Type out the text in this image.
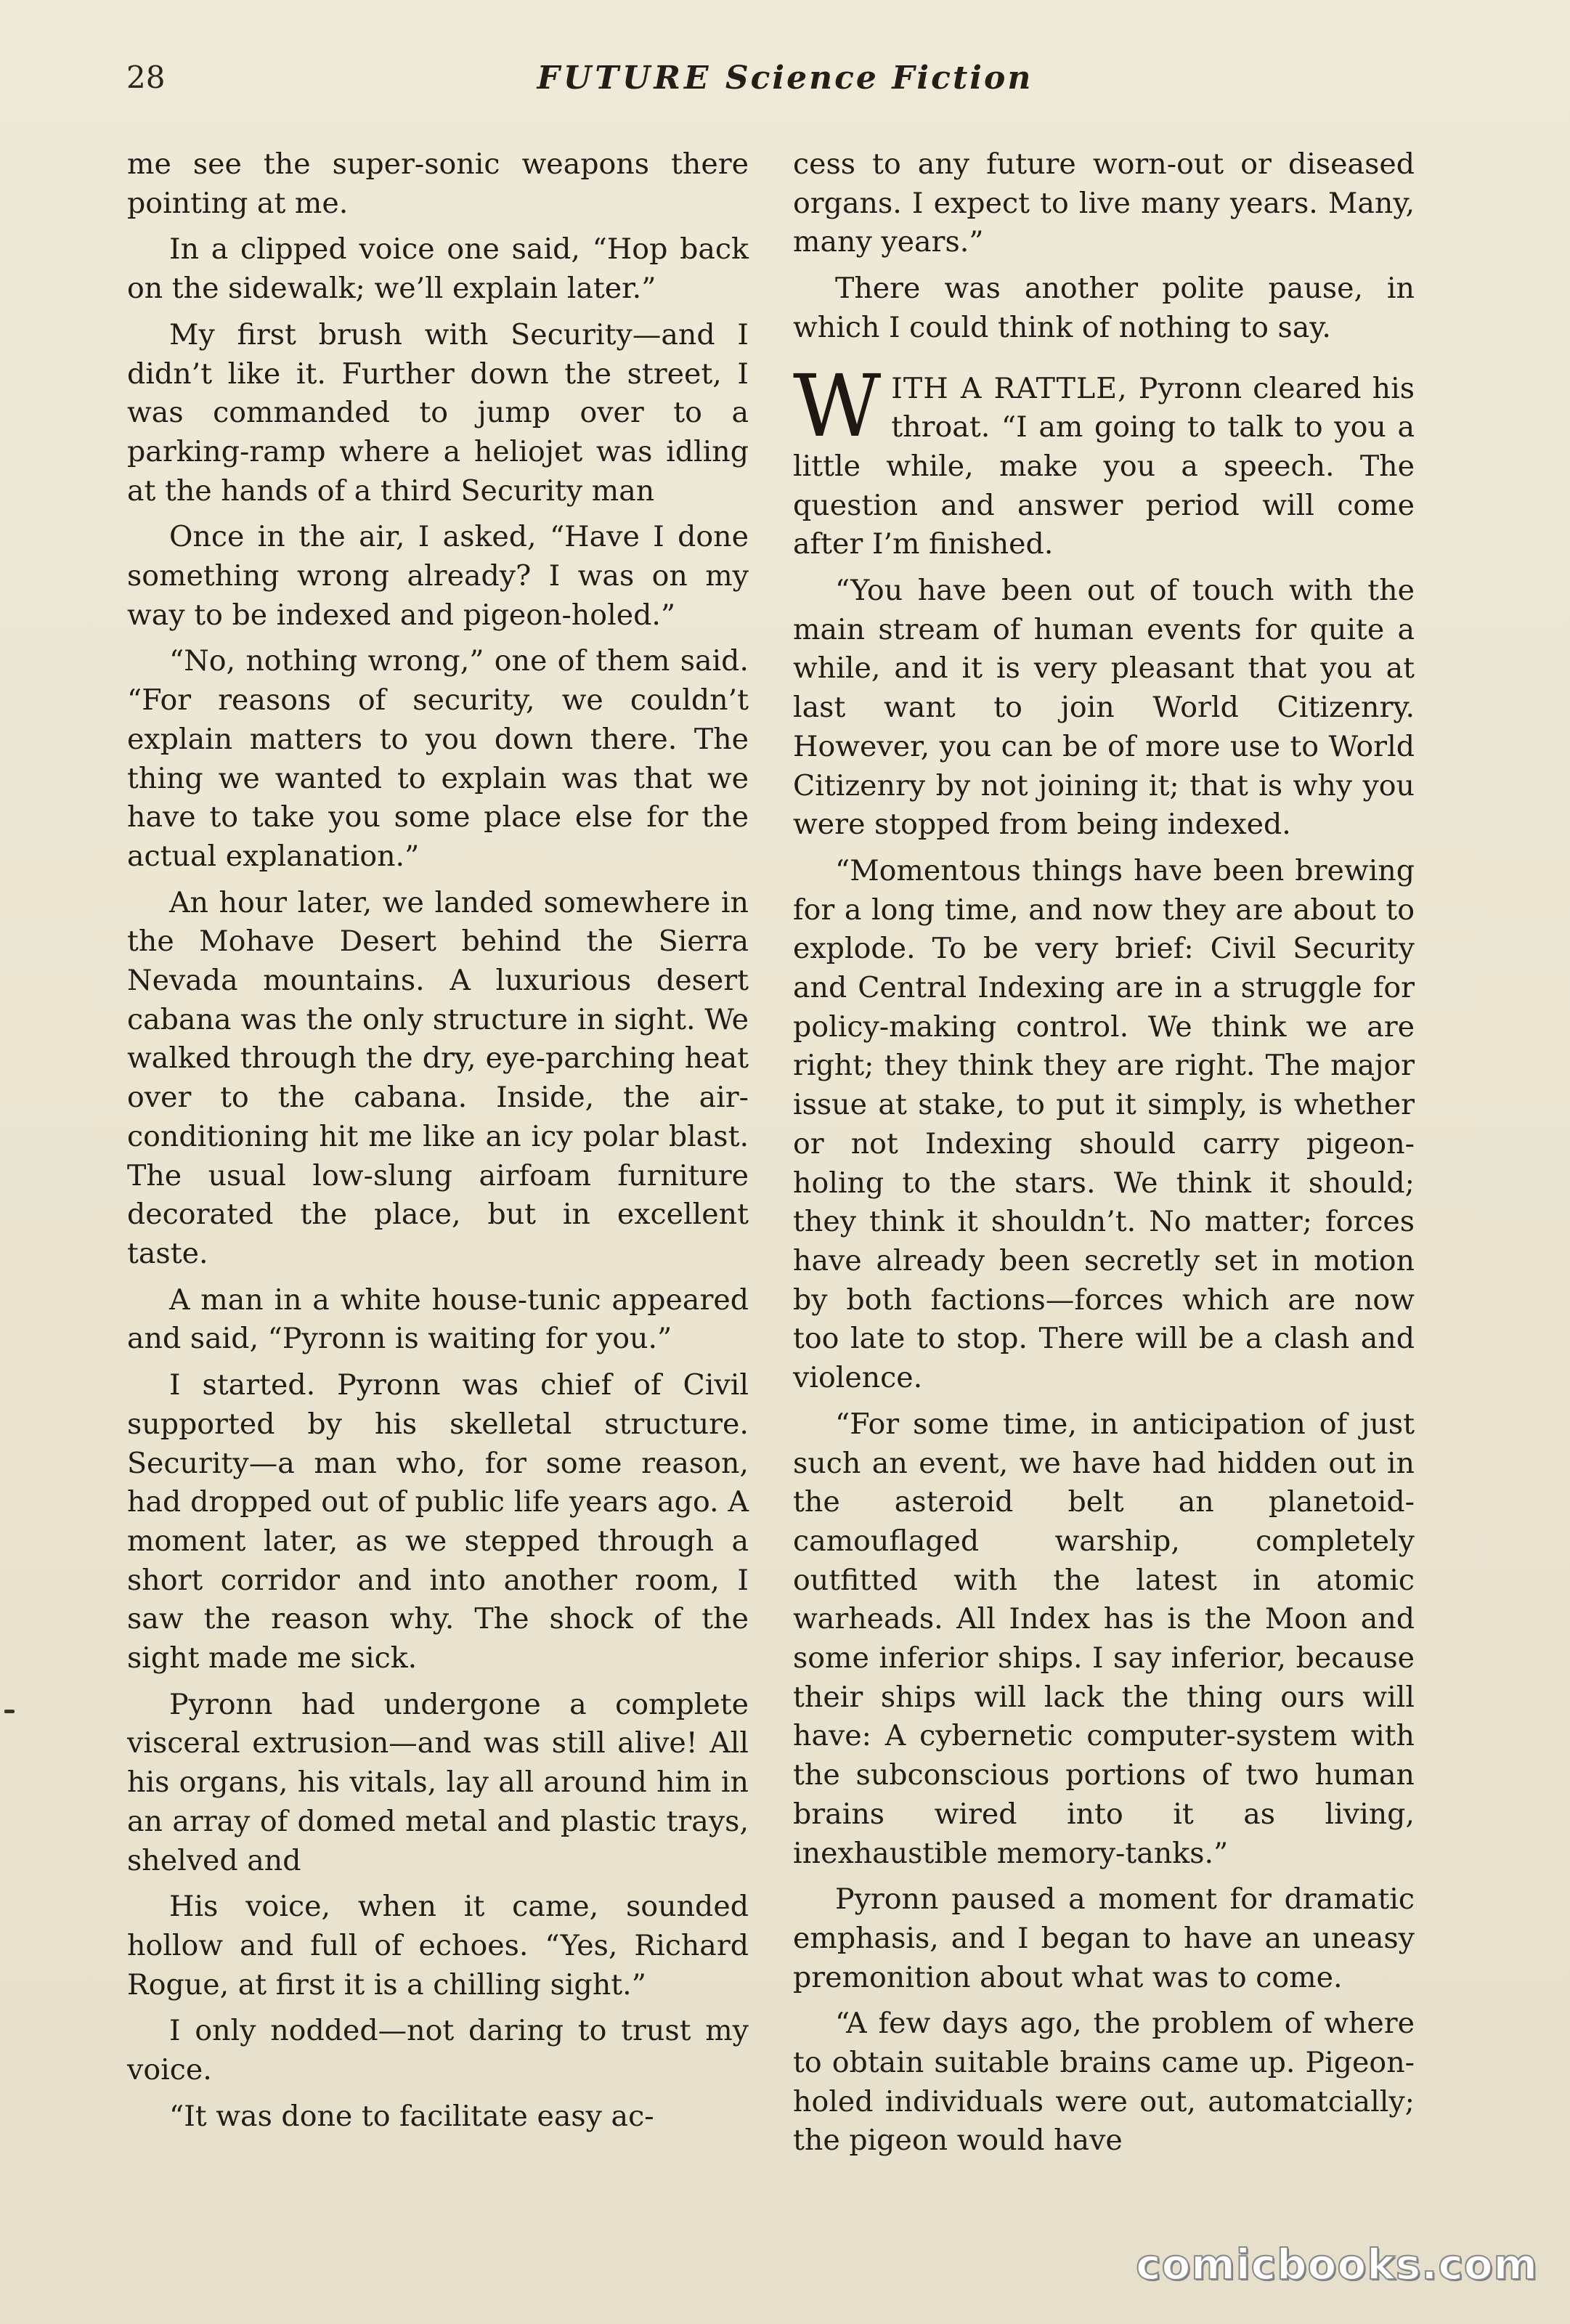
28	FUTURE Science Fiction

me see the super-sonic weapons there pointing at me.

In a clipped voice one said, “Hop back on the sidewalk; we’ll explain later.”

My first brush with Security—and I didn’t like it. Further down the street, I was commanded to jump over to a parking-ramp where a heliojet was idling at the hands of a third Security man

Once in the air, I asked, “Have I done something wrong already? I was on my way to be indexed and pigeon-holed.”

“No, nothing wrong,” one of them said. “For reasons of security, we couldn’t explain matters to you down there. The thing we wanted to explain was that we have to take you some place else for the actual explanation.”

An hour later, we landed somewhere in the Mohave Desert behind the Sierra Nevada mountains. A luxurious desert cabana was the only structure in sight. We walked through the dry, eye-parching heat over to the cabana. Inside, the air-conditioning hit me like an icy polar blast. The usual low-slung airfoam furniture decorated the place, but in excellent taste.

A man in a white house-tunic appeared and said, “Pyronn is waiting for you.”

I started. Pyronn was chief of Civil supported by his skelletal structure. Security—a man who, for some reason, had dropped out of public life years ago. A moment later, as we stepped through a short corridor and into another room, I saw the reason why. The shock of the sight made me sick.

Pyronn had undergone a complete visceral extrusion—and was still alive! All his organs, his vitals, lay all around him in an array of domed metal and plastic trays, shelved and

His voice, when it came, sounded hollow and full of echoes. “Yes, Richard Rogue, at first it is a chilling sight.”

I only nodded—not daring to trust my voice.

“It was done to facilitate easy ac-

cess to any future worn-out or diseased organs. I expect to live many years. Many, many years.”

There was another polite pause, in which I could think of nothing to say.

WITH A RATTLE, Pyronn cleared his throat. “I am going to talk to you a little while, make you a speech. The question and answer period will come after I’m finished.

“You have been out of touch with the main stream of human events for quite a while, and it is very pleasant that you at last want to join World Citizenry. However, you can be of more use to World Citizenry by not joining it; that is why you were stopped from being indexed.

“Momentous things have been brewing for a long time, and now they are about to explode. To be very brief: Civil Security and Central Indexing are in a struggle for policy-making control. We think we are right; they think they are right. The major issue at stake, to put it simply, is whether or not Indexing should carry pigeon-holing to the stars. We think it should; they think it shouldn’t. No matter; forces have already been secretly set in motion by both factions—forces which are now too late to stop. There will be a clash and violence.

“For some time, in anticipation of just such an event, we have had hidden out in the asteroid belt an planetoid-camouflaged warship, completely outfitted with the latest in atomic warheads. All Index has is the Moon and some inferior ships. I say inferior, because their ships will lack the thing ours will have: A cybernetic computer-system with the subconscious portions of two human brains wired into it as living, inexhaustible memory-tanks.”

Pyronn paused a moment for dramatic emphasis, and I began to have an uneasy premonition about what was to come.

“A few days ago, the problem of where to obtain suitable brains came up. Pigeon-holed individuals were out, automatcially; the pigeon would have

comicbooks.com
